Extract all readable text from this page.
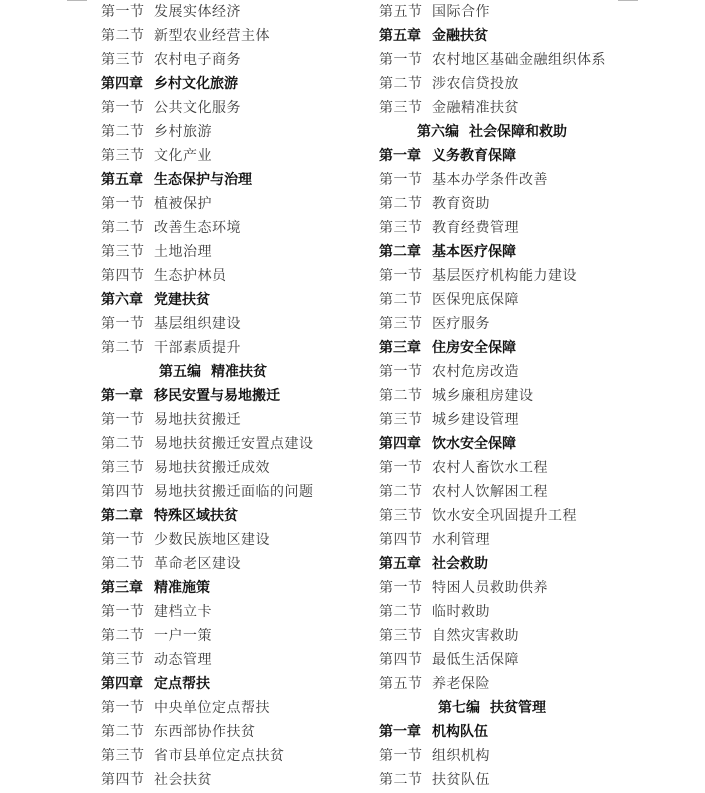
第一节 发展实体经济
第二节 新型农业经营主体
第三节 农村电子商务
第四章 乡村文化旅游
第一节 公共文化服务
第二节 乡村旅游
第三节 文化产业
第五章 生态保护与治理
第一节 植被保护
第二节 改善生态环境
第三节 土地治理
第四节 生态护林员
第六章 党建扶贫
第一节 基层组织建设
第二节 干部素质提升
第五编 精准扶贫
第一章 移民安置与易地搬迁
第一节 易地扶贫搬迁
第二节 易地扶贫搬迁安置点建设
第三节 易地扶贫搬迁成效
第四节 易地扶贫搬迁面临的问题
第二章 特殊区域扶贫
第一节 少数民族地区建设
第二节 革命老区建设
第三章 精准施策
第一节 建档立卡
第二节 一户一策
第三节 动态管理
第四章 定点帮扶
第一节 中央单位定点帮扶
第二节 东西部协作扶贫
第三节 省市县单位定点扶贫
第四节 社会扶贫
第五节 国际合作
第五章 金融扶贫
第一节 农村地区基础金融组织体系
第二节 涉农信贷投放
第三节 金融精准扶贫
第六编 社会保障和救助
第一章 义务教育保障
第一节 基本办学条件改善
第二节 教育资助
第三节 教育经费管理
第二章 基本医疗保障
第一节 基层医疗机构能力建设
第二节 医保兜底保障
第三节 医疗服务
第三章 住房安全保障
第一节 农村危房改造
第二节 城乡廉租房建设
第三节 城乡建设管理
第四章 饮水安全保障
第一节 农村人畜饮水工程
第二节 农村人饮解困工程
第三节 饮水安全巩固提升工程
第四节 水利管理
第五章 社会救助
第一节 特困人员救助供养
第二节 临时救助
第三节 自然灾害救助
第四节 最低生活保障
第五节 养老保险
第七编 扶贫管理
第一章 机构队伍
第一节 组织机构
第二节 扶贫队伍
